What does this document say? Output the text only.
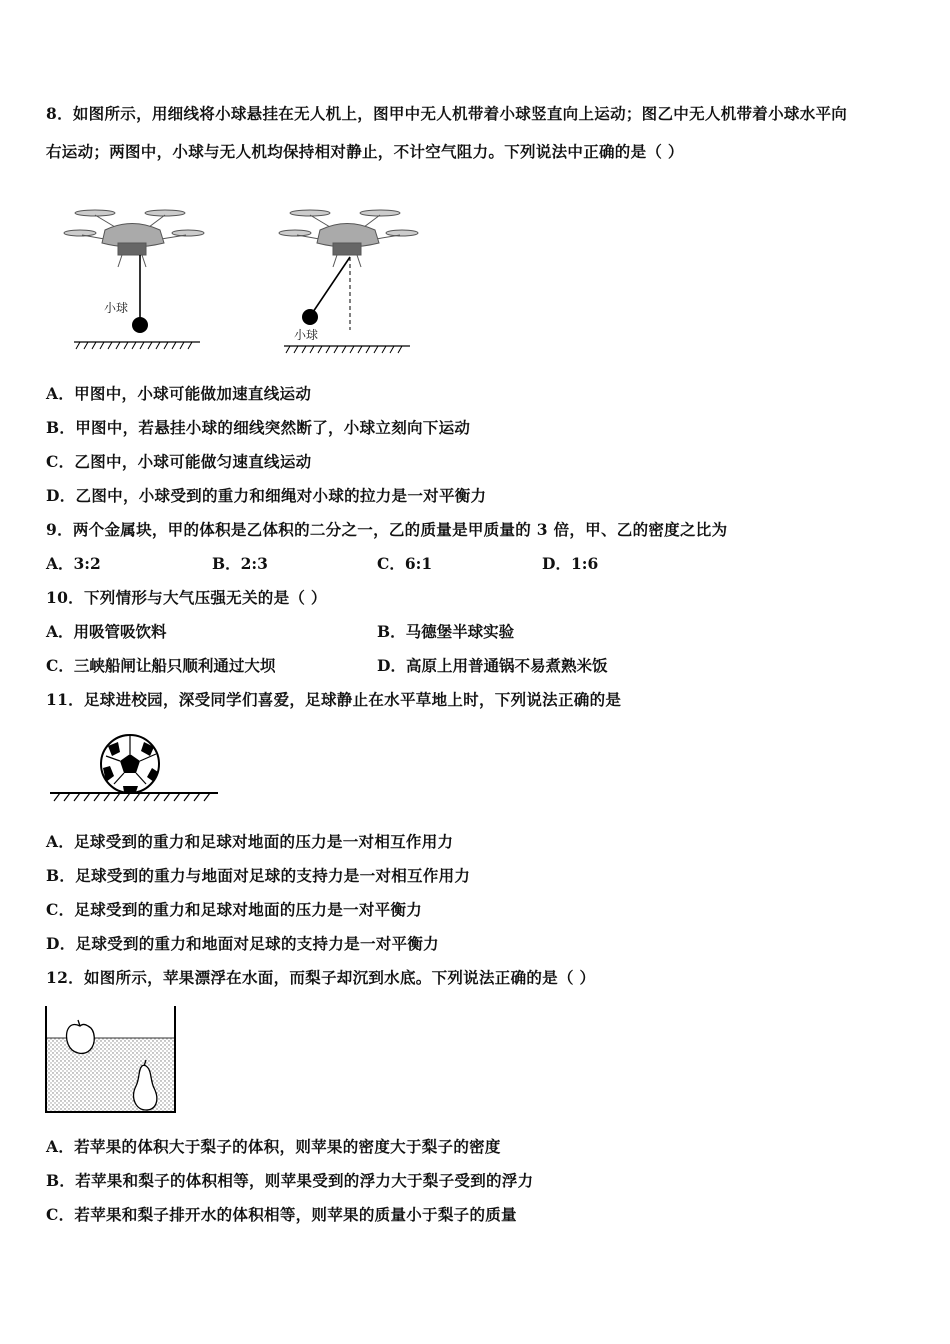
8．如图所示，用细线将小球悬挂在无人机上，图甲中无人机带着小球竖直向上运动；图乙中无人机带着小球水平向
右运动；两图中，小球与无人机均保持相对静止，不计空气阻力。下列说法中正确的是（ ）
小球
小球
A．甲图中，小球可能做加速直线运动
B．甲图中，若悬挂小球的细线突然断了，小球立刻向下运动
C．乙图中，小球可能做匀速直线运动
D．乙图中，小球受到的重力和细绳对小球的拉力是一对平衡力
9．两个金属块，甲的体积是乙体积的二分之一，乙的质量是甲质量的 3 倍，甲、乙的密度之比为
A．3:2	B．2:3	C．6:1	D．1:6
10．下列情形与大气压强无关的是（ ）
A．用吸管吸饮料	B．马德堡半球实验
C．三峡船闸让船只顺利通过大坝	D．高原上用普通锅不易煮熟米饭
11．足球进校园，深受同学们喜爱，足球静止在水平草地上时，下列说法正确的是
A．足球受到的重力和足球对地面的压力是一对相互作用力
B．足球受到的重力与地面对足球的支持力是一对相互作用力
C．足球受到的重力和足球对地面的压力是一对平衡力
D．足球受到的重力和地面对足球的支持力是一对平衡力
12．如图所示，苹果漂浮在水面，而梨子却沉到水底。下列说法正确的是（ ）
A．若苹果的体积大于梨子的体积，则苹果的密度大于梨子的密度
B．若苹果和梨子的体积相等，则苹果受到的浮力大于梨子受到的浮力
C．若苹果和梨子排开水的体积相等，则苹果的质量小于梨子的质量
